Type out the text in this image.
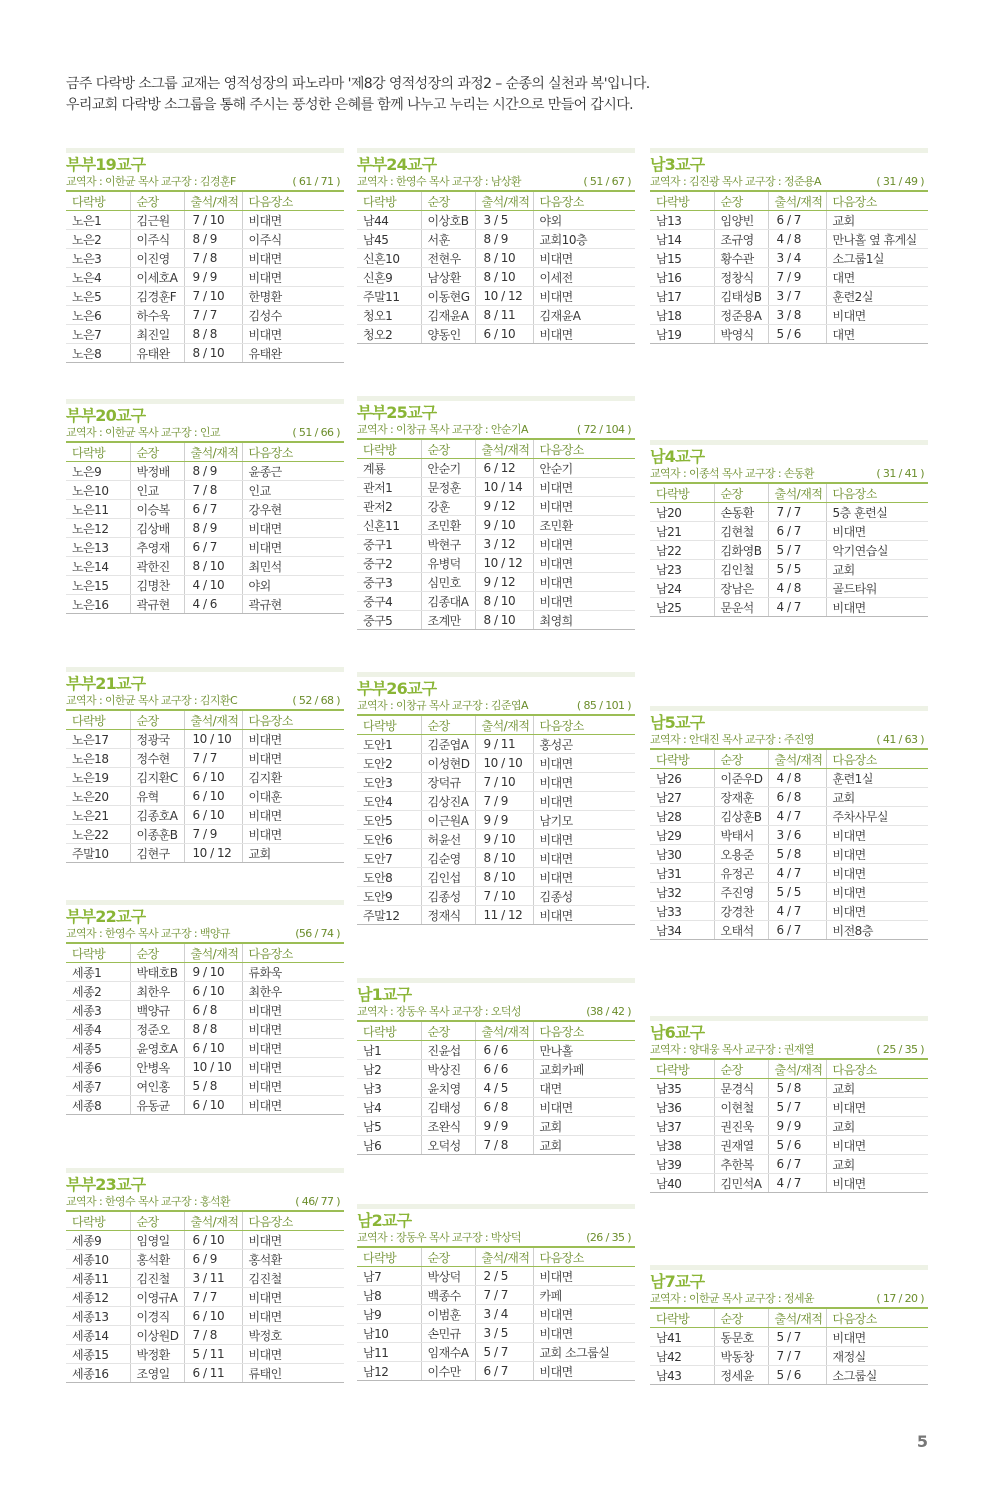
금주 다락방 소그룹 교재는 영적성장의 파노라마 '제8강 영적성장의 과정2 – 순종의 실천과 복'입니다.
우리교회 다락방 소그룹을 통해 주시는 풍성한 은혜를 함께 나누고 누리는 시간으로 만들어 갑시다.
부부19교구
교역자 : 이한균 목사 교구장 : 김경훈F	( 61 / 71 )
다락방	순장	출석/재적	다음장소
노은1	김근원	7 / 10	비대면
노은2	이주식	8 / 9	이주식
노은3	이진영	7 / 8	비대면
노은4	이세호A	9 / 9	비대면
노은5	김경훈F	7 / 10	한명환
노은6	하수욱	7 / 7	김성수
노은7	최진일	8 / 8	비대면
노은8	유태완	8 / 10	유태완
부부20교구
교역자 : 이한균 목사 교구장 : 인교	( 51 / 66 )
다락방	순장	출석/재적	다음장소
노은9	박정배	8 / 9	윤종근
노은10	인교	7 / 8	인교
노은11	이승복	6 / 7	강우현
노은12	김상배	8 / 9	비대면
노은13	추영재	6 / 7	비대면
노은14	곽한진	8 / 10	최민석
노은15	김명찬	4 / 10	야외
노은16	곽규현	4 / 6	곽규현
부부21교구
교역자 : 이한균 목사 교구장 : 김지환C	( 52 / 68 )
다락방	순장	출석/재적	다음장소
노은17	정광국	10 / 10	비대면
노은18	정수현	7 / 7	비대면
노은19	김지환C	6 / 10	김지환
노은20	유혁	6 / 10	이대훈
노은21	김종호A	6 / 10	비대면
노은22	이종훈B	7 / 9	비대면
주말10	김현구	10 / 12	교회
부부22교구
교역자 : 한영수 목사 교구장 : 백양규	(56 / 74 )
다락방	순장	출석/재적	다음장소
세종1	박태호B	9 / 10	류화욱
세종2	최한우	6 / 10	최한우
세종3	백양규	6 / 8	비대면
세종4	정준오	8 / 8	비대면
세종5	윤영호A	6 / 10	비대면
세종6	안병옥	10 / 10	비대면
세종7	여인홍	5 / 8	비대면
세종8	유동균	6 / 10	비대면
부부23교구
교역자 : 한영수 목사 교구장 : 홍석환	( 46/ 77 )
다락방	순장	출석/재적	다음장소
세종9	임영일	6 / 10	비대면
세종10	홍석환	6 / 9	홍석환
세종11	김진철	3 / 11	김진철
세종12	이영규A	7 / 7	비대면
세종13	이경직	6 / 10	비대면
세종14	이상원D	7 / 8	박정호
세종15	박정환	5 / 11	비대면
세종16	조영일	6 / 11	류태인
부부24교구
교역자 : 한영수 목사 교구장 : 남상환	( 51 / 67 )
다락방	순장	출석/재적	다음장소
남44	이상호B	3 / 5	야외
남45	서훈	8 / 9	교회10층
신혼10	전현우	8 / 10	비대면
신혼9	남상환	8 / 10	이세전
주말11	이동현G	10 / 12	비대면
청오1	김재윤A	8 / 11	김재윤A
청오2	양동인	6 / 10	비대면
부부25교구
교역자 : 이창규 목사 교구장 : 안순기A	( 72 / 104 )
다락방	순장	출석/재적	다음장소
계룡	안순기	6 / 12	안순기
관저1	문정훈	10 / 14	비대면
관저2	강훈	9 / 12	비대면
신혼11	조민환	9 / 10	조민환
중구1	박현구	3 / 12	비대면
중구2	유병덕	10 / 12	비대면
중구3	심민호	9 / 12	비대면
중구4	김종대A	8 / 10	비대면
중구5	조계만	8 / 10	최영희
부부26교구
교역자 : 이창규 목사 교구장 : 김준엽A	( 85 / 101 )
다락방	순장	출석/재적	다음장소
도안1	김준엽A	9 / 11	홍성곤
도안2	이성현D	10 / 10	비대면
도안3	장덕규	7 / 10	비대면
도안4	김상진A	7 / 9	비대면
도안5	이근원A	9 / 9	남기모
도안6	허윤선	9 / 10	비대면
도안7	김순영	8 / 10	비대면
도안8	김인섭	8 / 10	비대면
도안9	김종성	7 / 10	김종성
주말12	정재식	11 / 12	비대면
남1교구
교역자 : 장동우 목사 교구장 : 오덕성	(38 / 42 )
다락방	순장	출석/재적	다음장소
남1	진윤섭	6 / 6	만나홀
남2	박상진	6 / 6	교회카페
남3	윤치영	4 / 5	대면
남4	김태성	6 / 8	비대면
남5	조완식	9 / 9	교회
남6	오덕성	7 / 8	교회
남2교구
교역자 : 장동우 목사 교구장 : 박상덕	(26 / 35 )
다락방	순장	출석/재적	다음장소
남7	박상덕	2 / 5	비대면
남8	백종수	7 / 7	카페
남9	이범훈	3 / 4	비대면
남10	손민규	3 / 5	비대면
남11	임재수A	5 / 7	교회 소그룹실
남12	이수만	6 / 7	비대면
남3교구
교역자 : 김진광 목사 교구장 : 정준용A	( 31 / 49 )
다락방	순장	출석/재적	다음장소
남13	임양빈	6 / 7	교회
남14	조규영	4 / 8	만나홀 옆 휴게실
남15	황수관	3 / 4	소그룹1실
남16	정창식	7 / 9	대면
남17	김태성B	3 / 7	훈련2실
남18	정준용A	3 / 8	비대면
남19	박영식	5 / 6	대면
남4교구
교역자 : 이종석 목사 교구장 : 손동환	( 31 / 41 )
다락방	순장	출석/재적	다음장소
남20	손동환	7 / 7	5층 훈련실
남21	김현철	6 / 7	비대면
남22	김화영B	5 / 7	악기연습실
남23	김인철	5 / 5	교회
남24	장남은	4 / 8	골드타워
남25	문운석	4 / 7	비대면
남5교구
교역자 : 안대진 목사 교구장 : 주진영	( 41 / 63 )
다락방	순장	출석/재적	다음장소
남26	이준우D	4 / 8	훈련1실
남27	장재훈	6 / 8	교회
남28	김상훈B	4 / 7	주차사무실
남29	박태서	3 / 6	비대면
남30	오용준	5 / 8	비대면
남31	유정곤	4 / 7	비대면
남32	주진영	5 / 5	비대면
남33	강경찬	4 / 7	비대면
남34	오태석	6 / 7	비전8층
남6교구
교역자 : 양대웅 목사 교구장 : 권재열	( 25 / 35 )
다락방	순장	출석/재적	다음장소
남35	문경식	5 / 8	교회
남36	이현철	5 / 7	비대면
남37	권진욱	9 / 9	교회
남38	권재열	5 / 6	비대면
남39	추한복	6 / 7	교회
남40	김민석A	4 / 7	비대면
남7교구
교역자 : 이한균 목사 교구장 : 정세윤	( 17 / 20 )
다락방	순장	출석/재적	다음장소
남41	동문호	5 / 7	비대면
남42	박동창	7 / 7	재정실
남43	정세윤	5 / 6	소그룹실
5
